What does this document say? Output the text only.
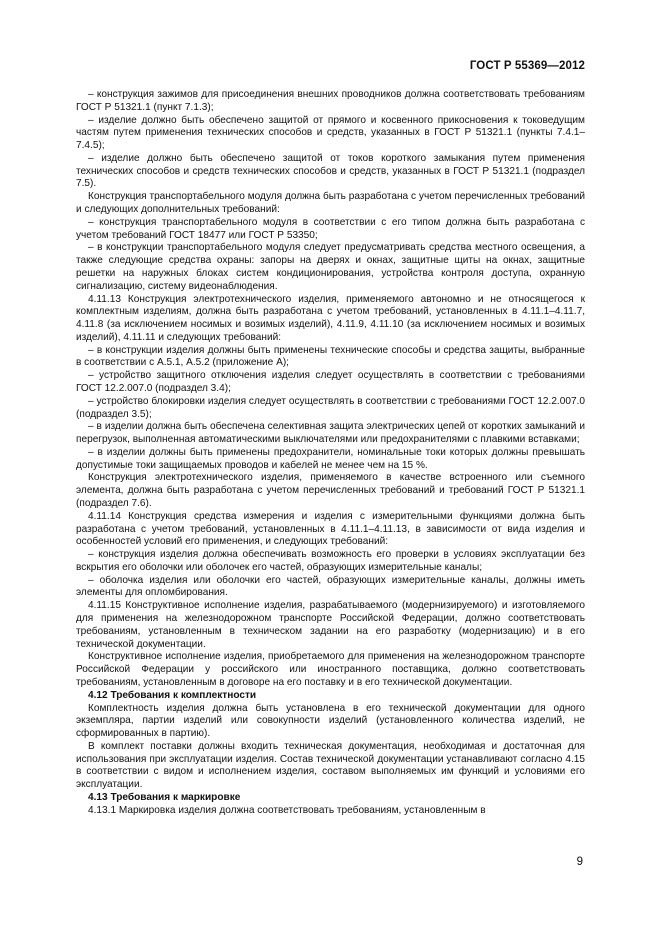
ГОСТ Р 55369—2012

– конструкция зажимов для присоединения внешних проводников должна соответствовать требованиям ГОСТ Р 51321.1 (пункт 7.1.3);

– изделие должно быть обеспечено защитой от прямого и косвенного прикосновения к токоведущим частям путем применения технических способов и средств, указанных в ГОСТ Р 51321.1 (пункты 7.4.1–7.4.5);

– изделие должно быть обеспечено защитой от токов короткого замыкания путем применения технических способов и средств технических способов и средств, указанных в ГОСТ Р 51321.1 (подраздел 7.5).

Конструкция транспортабельного модуля должна быть разработана с учетом перечисленных требований и следующих дополнительных требований:

– конструкция транспортабельного модуля в соответствии с его типом должна быть разработана с учетом требований ГОСТ 18477 или ГОСТ Р 53350;

– в конструкции транспортабельного модуля следует предусматривать средства местного освещения, а также следующие средства охраны: запоры на дверях и окнах, защитные щиты на окнах, защитные решетки на наружных блоках систем кондиционирования, устройства контроля доступа, охранную сигнализацию, систему видеонаблюдения.

4.11.13 Конструкция электротехнического изделия, применяемого автономно и не относящегося к комплектным изделиям, должна быть разработана с учетом требований, установленных в 4.11.1–4.11.7, 4.11.8 (за исключением носимых и возимых изделий), 4.11.9, 4.11.10 (за исключением носимых и возимых изделий), 4.11.11 и следующих требований:

– в конструкции изделия должны быть применены технические способы и средства защиты, выбранные в соответствии с А.5.1, А.5.2 (приложение А);

– устройство защитного отключения изделия следует осуществлять в соответствии с требованиями ГОСТ 12.2.007.0 (подраздел 3.4);

– устройство блокировки изделия следует осуществлять в соответствии с требованиями ГОСТ 12.2.007.0 (подраздел 3.5);

– в изделии должна быть обеспечена селективная защита электрических цепей от коротких замыканий и перегрузок, выполненная автоматическими выключателями или предохранителями с плавкими вставками;

– в изделии должны быть применены предохранители, номинальные токи которых должны превышать допустимые токи защищаемых проводов и кабелей не менее чем на 15 %.

Конструкция электротехнического изделия, применяемого в качестве встроенного или съемного элемента, должна быть разработана с учетом перечисленных требований и требований ГОСТ Р 51321.1 (подраздел 7.6).

4.11.14 Конструкция средства измерения и изделия с измерительными функциями должна быть разработана с учетом требований, установленных в 4.11.1–4.11.13, в зависимости от вида изделия и особенностей условий его применения, и следующих требований:

– конструкция изделия должна обеспечивать возможность его проверки в условиях эксплуатации без вскрытия его оболочки или оболочек его частей, образующих измерительные каналы;

– оболочка изделия или оболочки его частей, образующих измерительные каналы, должны иметь элементы для опломбирования.

4.11.15 Конструктивное исполнение изделия, разрабатываемого (модернизируемого) и изготовляемого для применения на железнодорожном транспорте Российской Федерации, должно соответствовать требованиям, установленным в техническом задании на его разработку (модернизацию) и в его технической документации.

Конструктивное исполнение изделия, приобретаемого для применения на железнодорожном транспорте Российской Федерации у российского или иностранного поставщика, должно соответствовать требованиям, установленным в договоре на его поставку и в его технической документации.

4.12 Требования к комплектности

Комплектность изделия должна быть установлена в его технической документации для одного экземпляра, партии изделий или совокупности изделий (установленного количества изделий, не сформированных в партию).

В комплект поставки должны входить техническая документация, необходимая и достаточная для использования при эксплуатации изделия. Состав технической документации устанавливают согласно 4.15 в соответствии с видом и исполнением изделия, составом выполняемых им функций и условиями его эксплуатации.

4.13 Требования к маркировке

4.13.1 Маркировка изделия должна соответствовать требованиям, установленным в

9
